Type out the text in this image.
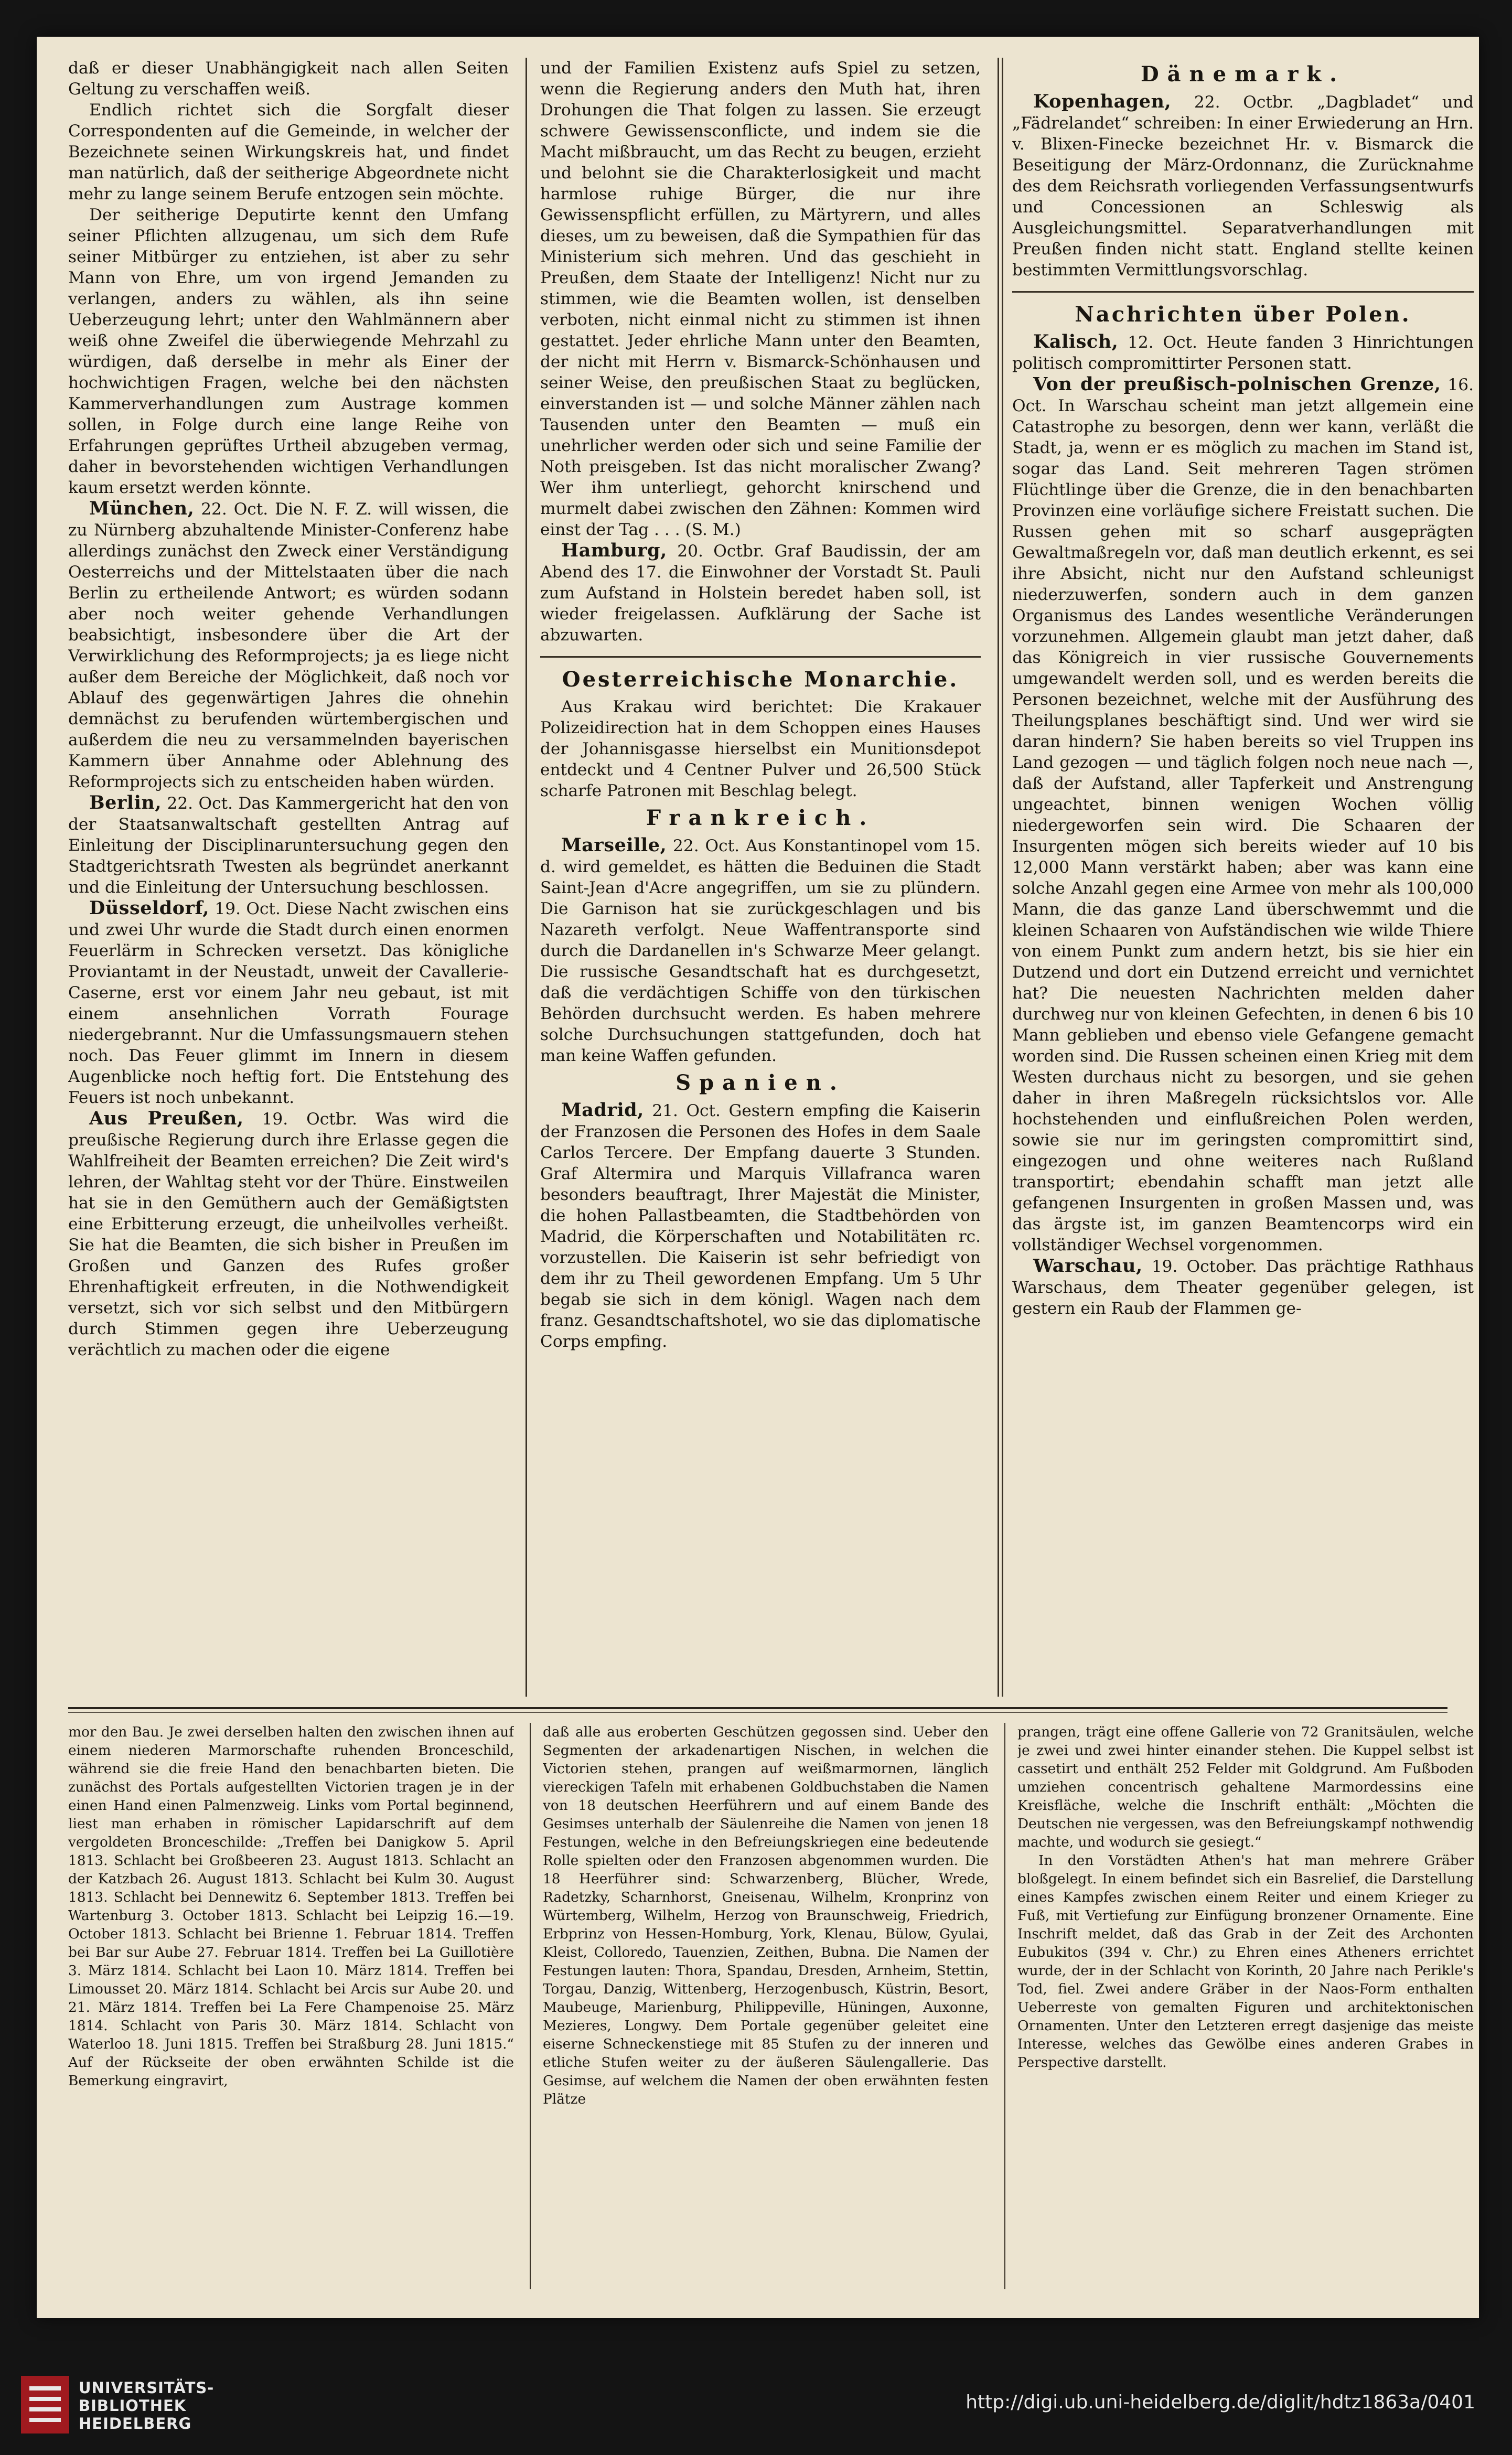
daß er dieser Unabhängigkeit nach allen Seiten Geltung zu verschaffen weiß.

Endlich richtet sich die Sorgfalt dieser Correspondenten auf die Gemeinde, in welcher der Bezeichnete seinen Wirkungskreis hat, und findet man natürlich, daß der seitherige Abgeordnete nicht mehr zu lange seinem Berufe entzogen sein möchte.

Der seitherige Deputirte kennt den Umfang seiner Pflichten allzugenau, um sich dem Rufe seiner Mitbürger zu entziehen, ist aber zu sehr Mann von Ehre, um von irgend Jemanden zu verlangen, anders zu wählen, als ihn seine Ueberzeugung lehrt; unter den Wahlmännern aber weiß ohne Zweifel die überwiegende Mehrzahl zu würdigen, daß derselbe in mehr als Einer der hochwichtigen Fragen, welche bei den nächsten Kammerverhandlungen zum Austrage kommen sollen, in Folge durch eine lange Reihe von Erfahrungen geprüftes Urtheil abzugeben vermag, daher in bevorstehenden wichtigen Verhandlungen kaum ersetzt werden könnte.

München, 22. Oct. Die N. F. Z. will wissen, die zu Nürnberg abzuhaltende Minister-Conferenz habe allerdings zunächst den Zweck einer Verständigung Oesterreichs und der Mittelstaaten über die nach Berlin zu ertheilende Antwort; es würden sodann aber noch weiter gehende Verhandlungen beabsichtigt, insbesondere über die Art der Verwirklichung des Reformprojects; ja es liege nicht außer dem Bereiche der Möglichkeit, daß noch vor Ablauf des gegenwärtigen Jahres die ohnehin demnächst zu berufenden würtembergischen und außerdem die neu zu versammelnden bayerischen Kammern über Annahme oder Ablehnung des Reformprojects sich zu entscheiden haben würden.

Berlin, 22. Oct. Das Kammergericht hat den von der Staatsanwaltschaft gestellten Antrag auf Einleitung der Disciplinaruntersuchung gegen den Stadtgerichtsrath Twesten als begründet anerkannt und die Einleitung der Untersuchung beschlossen.

Düsseldorf, 19. Oct. Diese Nacht zwischen eins und zwei Uhr wurde die Stadt durch einen enormen Feuerlärm in Schrecken versetzt. Das königliche Proviantamt in der Neustadt, unweit der Cavallerie-Caserne, erst vor einem Jahr neu gebaut, ist mit einem ansehnlichen Vorrath Fourage niedergebrannt. Nur die Umfassungsmauern stehen noch. Das Feuer glimmt im Innern in diesem Augenblicke noch heftig fort. Die Entstehung des Feuers ist noch unbekannt.

Aus Preußen, 19. Octbr. Was wird die preußische Regierung durch ihre Erlasse gegen die Wahlfreiheit der Beamten erreichen? Die Zeit wird's lehren, der Wahltag steht vor der Thüre. Einstweilen hat sie in den Gemüthern auch der Gemäßigtsten eine Erbitterung erzeugt, die unheilvolles verheißt. Sie hat die Beamten, die sich bisher in Preußen im Großen und Ganzen des Rufes großer Ehrenhaftigkeit erfreuten, in die Nothwendigkeit versetzt, sich vor sich selbst und den Mitbürgern durch Stimmen gegen ihre Ueberzeugung verächtlich zu machen oder die eigene

und der Familien Existenz aufs Spiel zu setzen, wenn die Regierung anders den Muth hat, ihren Drohungen die That folgen zu lassen. Sie erzeugt schwere Gewissensconflicte, und indem sie die Macht mißbraucht, um das Recht zu beugen, erzieht und belohnt sie die Charakterlosigkeit und macht harmlose ruhige Bürger, die nur ihre Gewissenspflicht erfüllen, zu Märtyrern, und alles dieses, um zu beweisen, daß die Sympathien für das Ministerium sich mehren. Und das geschieht in Preußen, dem Staate der Intelligenz! Nicht nur zu stimmen, wie die Beamten wollen, ist denselben verboten, nicht einmal nicht zu stimmen ist ihnen gestattet. Jeder ehrliche Mann unter den Beamten, der nicht mit Herrn v. Bismarck-Schönhausen und seiner Weise, den preußischen Staat zu beglücken, einverstanden ist — und solche Männer zählen nach Tausenden unter den Beamten — muß ein unehrlicher werden oder sich und seine Familie der Noth preisgeben. Ist das nicht moralischer Zwang? Wer ihm unterliegt, gehorcht knirschend und murmelt dabei zwischen den Zähnen: Kommen wird einst der Tag . . . (S. M.)

Hamburg, 20. Octbr. Graf Baudissin, der am Abend des 17. die Einwohner der Vorstadt St. Pauli zum Aufstand in Holstein beredet haben soll, ist wieder freigelassen. Aufklärung der Sache ist abzuwarten.

Oesterreichische Monarchie.

Aus Krakau wird berichtet: Die Krakauer Polizeidirection hat in dem Schoppen eines Hauses der Johannisgasse hierselbst ein Munitionsdepot entdeckt und 4 Centner Pulver und 26,500 Stück scharfe Patronen mit Beschlag belegt.

Frankreich.

Marseille, 22. Oct. Aus Konstantinopel vom 15. d. wird gemeldet, es hätten die Beduinen die Stadt Saint-Jean d'Acre angegriffen, um sie zu plündern. Die Garnison hat sie zurückgeschlagen und bis Nazareth verfolgt. Neue Waffentransporte sind durch die Dardanellen in's Schwarze Meer gelangt. Die russische Gesandtschaft hat es durchgesetzt, daß die verdächtigen Schiffe von den türkischen Behörden durchsucht werden. Es haben mehrere solche Durchsuchungen stattgefunden, doch hat man keine Waffen gefunden.

Spanien.

Madrid, 21. Oct. Gestern empfing die Kaiserin der Franzosen die Personen des Hofes in dem Saale Carlos Tercere. Der Empfang dauerte 3 Stunden. Graf Altermira und Marquis Villafranca waren besonders beauftragt, Ihrer Majestät die Minister, die hohen Pallastbeamten, die Stadtbehörden von Madrid, die Körperschaften und Notabilitäten rc. vorzustellen. Die Kaiserin ist sehr befriedigt von dem ihr zu Theil gewordenen Empfang. Um 5 Uhr begab sie sich in dem königl. Wagen nach dem franz. Gesandtschaftshotel, wo sie das diplomatische Corps empfing.

Dänemark.

Kopenhagen, 22. Octbr. „Dagbladet“ und „Fädrelandet“ schreiben: In einer Erwiederung an Hrn. v. Blixen-Finecke bezeichnet Hr. v. Bismarck die Beseitigung der März-Ordonnanz, die Zurücknahme des dem Reichsrath vorliegenden Verfassungsentwurfs und Concessionen an Schleswig als Ausgleichungsmittel. Separatverhandlungen mit Preußen finden nicht statt. England stellte keinen bestimmten Vermittlungsvorschlag.

Nachrichten über Polen.

Kalisch, 12. Oct. Heute fanden 3 Hinrichtungen politisch compromittirter Personen statt.

Von der preußisch-polnischen Grenze, 16. Oct. In Warschau scheint man jetzt allgemein eine Catastrophe zu besorgen, denn wer kann, verläßt die Stadt, ja, wenn er es möglich zu machen im Stand ist, sogar das Land. Seit mehreren Tagen strömen Flüchtlinge über die Grenze, die in den benachbarten Provinzen eine vorläufige sichere Freistatt suchen. Die Russen gehen mit so scharf ausgeprägten Gewaltmaßregeln vor, daß man deutlich erkennt, es sei ihre Absicht, nicht nur den Aufstand schleunigst niederzuwerfen, sondern auch in dem ganzen Organismus des Landes wesentliche Veränderungen vorzunehmen. Allgemein glaubt man jetzt daher, daß das Königreich in vier russische Gouvernements umgewandelt werden soll, und es werden bereits die Personen bezeichnet, welche mit der Ausführung des Theilungsplanes beschäftigt sind. Und wer wird sie daran hindern? Sie haben bereits so viel Truppen ins Land gezogen — und täglich folgen noch neue nach —, daß der Aufstand, aller Tapferkeit und Anstrengung ungeachtet, binnen wenigen Wochen völlig niedergeworfen sein wird. Die Schaaren der Insurgenten mögen sich bereits wieder auf 10 bis 12,000 Mann verstärkt haben; aber was kann eine solche Anzahl gegen eine Armee von mehr als 100,000 Mann, die das ganze Land überschwemmt und die kleinen Schaaren von Aufständischen wie wilde Thiere von einem Punkt zum andern hetzt, bis sie hier ein Dutzend und dort ein Dutzend erreicht und vernichtet hat? Die neuesten Nachrichten melden daher durchweg nur von kleinen Gefechten, in denen 6 bis 10 Mann geblieben und ebenso viele Gefangene gemacht worden sind. Die Russen scheinen einen Krieg mit dem Westen durchaus nicht zu besorgen, und sie gehen daher in ihren Maßregeln rücksichtslos vor. Alle hochstehenden und einflußreichen Polen werden, sowie sie nur im geringsten compromittirt sind, eingezogen und ohne weiteres nach Rußland transportirt; ebendahin schafft man jetzt alle gefangenen Insurgenten in großen Massen und, was das ärgste ist, im ganzen Beamtencorps wird ein vollständiger Wechsel vorgenommen.

Warschau, 19. October. Das prächtige Rathhaus Warschaus, dem Theater gegenüber gelegen, ist gestern ein Raub der Flammen ge-

mor den Bau. Je zwei derselben halten den zwischen ihnen auf einem niederen Marmorschafte ruhenden Bronceschild, während sie die freie Hand den benachbarten bieten. Die zunächst des Portals aufgestellten Victorien tragen je in der einen Hand einen Palmenzweig. Links vom Portal beginnend, liest man erhaben in römischer Lapidarschrift auf dem vergoldeten Bronceschilde: „Treffen bei Danigkow 5. April 1813. Schlacht bei Großbeeren 23. August 1813. Schlacht an der Katzbach 26. August 1813. Schlacht bei Kulm 30. August 1813. Schlacht bei Dennewitz 6. September 1813. Treffen bei Wartenburg 3. October 1813. Schlacht bei Leipzig 16.—19. October 1813. Schlacht bei Brienne 1. Februar 1814. Treffen bei Bar sur Aube 27. Februar 1814. Treffen bei La Guillotière 3. März 1814. Schlacht bei Laon 10. März 1814. Treffen bei Limousset 20. März 1814. Schlacht bei Arcis sur Aube 20. und 21. März 1814. Treffen bei La Fere Champenoise 25. März 1814. Schlacht von Paris 30. März 1814. Schlacht von Waterloo 18. Juni 1815. Treffen bei Straßburg 28. Juni 1815.“ Auf der Rückseite der oben erwähnten Schilde ist die Bemerkung eingravirt,

daß alle aus eroberten Geschützen gegossen sind. Ueber den Segmenten der arkadenartigen Nischen, in welchen die Victorien stehen, prangen auf weißmarmornen, länglich viereckigen Tafeln mit erhabenen Goldbuchstaben die Namen von 18 deutschen Heerführern und auf einem Bande des Gesimses unterhalb der Säulenreihe die Namen von jenen 18 Festungen, welche in den Befreiungskriegen eine bedeutende Rolle spielten oder den Franzosen abgenommen wurden. Die 18 Heerführer sind: Schwarzenberg, Blücher, Wrede, Radetzky, Scharnhorst, Gneisenau, Wilhelm, Kronprinz von Würtemberg, Wilhelm, Herzog von Braunschweig, Friedrich, Erbprinz von Hessen-Homburg, York, Klenau, Bülow, Gyulai, Kleist, Colloredo, Tauenzien, Zeithen, Bubna. Die Namen der Festungen lauten: Thora, Spandau, Dresden, Arnheim, Stettin, Torgau, Danzig, Wittenberg, Herzogenbusch, Küstrin, Besort, Maubeuge, Marienburg, Philippeville, Hüningen, Auxonne, Mezieres, Longwy. Dem Portale gegenüber geleitet eine eiserne Schneckenstiege mit 85 Stufen zu der inneren und etliche Stufen weiter zu der äußeren Säulengallerie. Das Gesimse, auf welchem die Namen der oben erwähnten festen Plätze

prangen, trägt eine offene Gallerie von 72 Granitsäulen, welche je zwei und zwei hinter einander stehen. Die Kuppel selbst ist cassetirt und enthält 252 Felder mit Goldgrund. Am Fußboden umziehen concentrisch gehaltene Marmordessins eine Kreisfläche, welche die Inschrift enthält: „Möchten die Deutschen nie vergessen, was den Befreiungskampf nothwendig machte, und wodurch sie gesiegt.“

In den Vorstädten Athen's hat man mehrere Gräber bloßgelegt. In einem befindet sich ein Basrelief, die Darstellung eines Kampfes zwischen einem Reiter und einem Krieger zu Fuß, mit Vertiefung zur Einfügung bronzener Ornamente. Eine Inschrift meldet, daß das Grab in der Zeit des Archonten Eubukitos (394 v. Chr.) zu Ehren eines Atheners errichtet wurde, der in der Schlacht von Korinth, 20 Jahre nach Perikle's Tod, fiel. Zwei andere Gräber in der Naos-Form enthalten Ueberreste von gemalten Figuren und architektonischen Ornamenten. Unter den Letzteren erregt dasjenige das meiste Interesse, welches das Gewölbe eines anderen Grabes in Perspective darstellt.

UNIVERSITÄTS-
BIBLIOTHEK
HEIDELBERG
http://digi.ub.uni-heidelberg.de/diglit/hdtz1863a/0401
